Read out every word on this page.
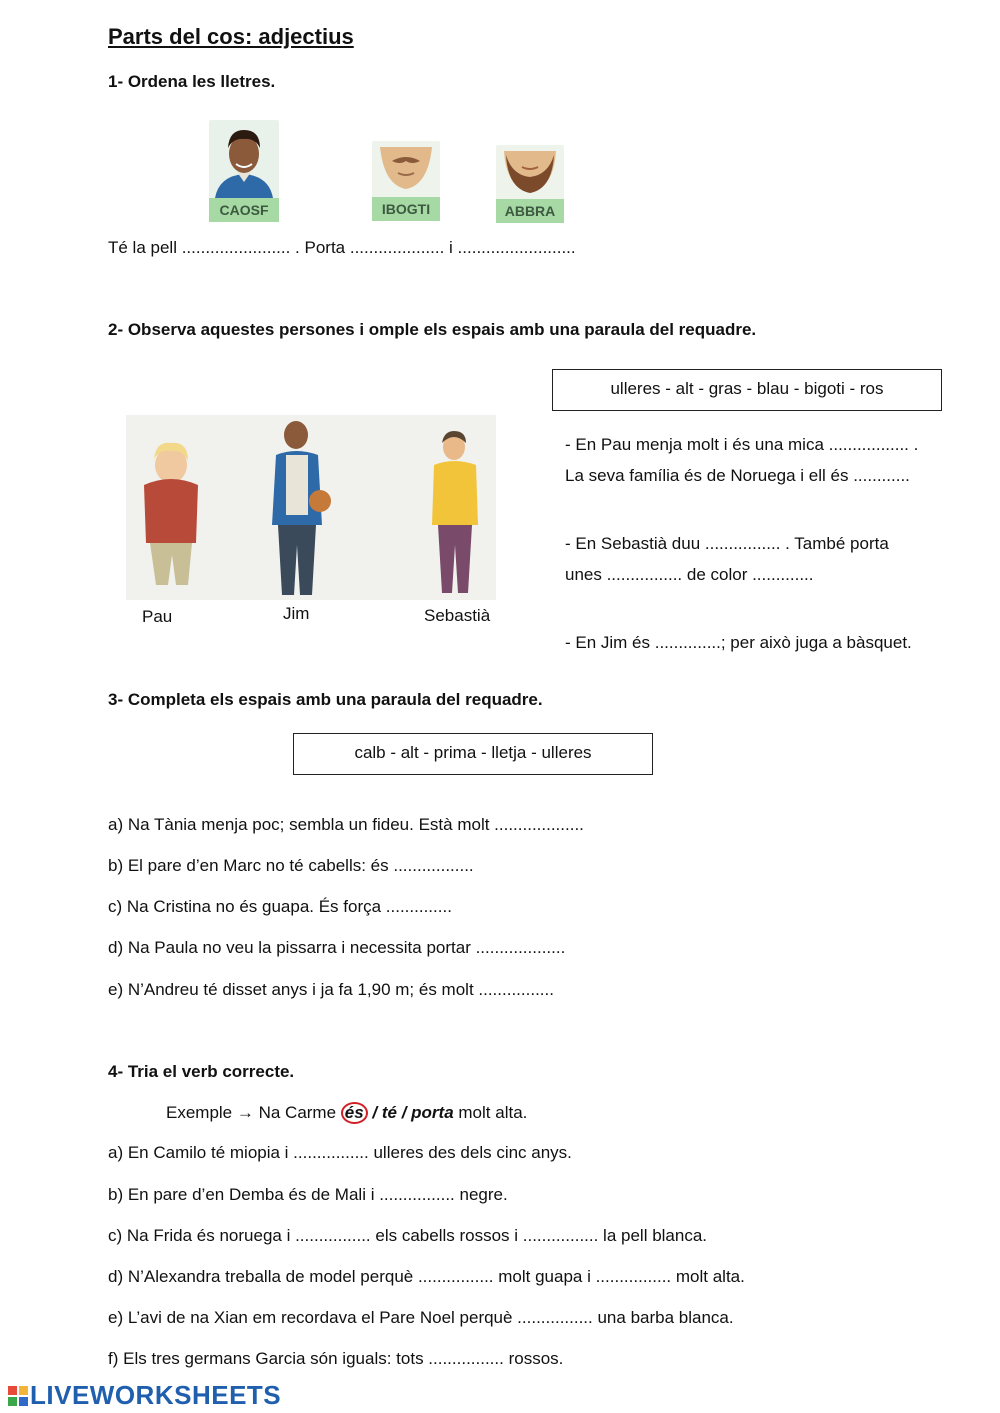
Parts del cos: adjectius
1- Ordena les lletres.
CAOSF	IBOGTI	ABBRA
Té la pell ....................... . Porta .................... i .........................
2- Observa aquestes persones i omple els espais amb una paraula del requadre.
ulleres - alt - gras - blau - bigoti - ros
Pau	Jim	Sebastià
- En Pau menja molt i és una mica ................. .
La seva família és de Noruega i ell és ............
- En Sebastià duu ................ . També porta
unes ................ de color .............
- En Jim és ..............; per això juga a bàsquet.
3- Completa els espais amb una paraula del requadre.
calb - alt - prima - lletja - ulleres
a) Na Tània menja poc; sembla un fideu. Està molt ...................
b) El pare d’en Marc no té cabells: és .................
c) Na Cristina no és guapa. És força ..............
d) Na Paula no veu la pissarra i necessita portar ...................
e) N’Andreu té disset anys i ja fa 1,90 m; és molt ................
4- Tria el verb correcte.
Exemple → Na Carme és / té / porta molt alta.
a) En Camilo té miopia i ................ ulleres des dels cinc anys.
b) En pare d’en Demba és de Mali i ................ negre.
c) Na Frida és noruega i ................ els cabells rossos i ................ la pell blanca.
d) N’Alexandra treballa de model perquè ................ molt guapa i ................ molt alta.
e) L’avi de na Xian em recordava el Pare Noel perquè ................ una barba blanca.
f) Els tres germans Garcia són iguals: tots ................ rossos.
LIVEWORKSHEETS
